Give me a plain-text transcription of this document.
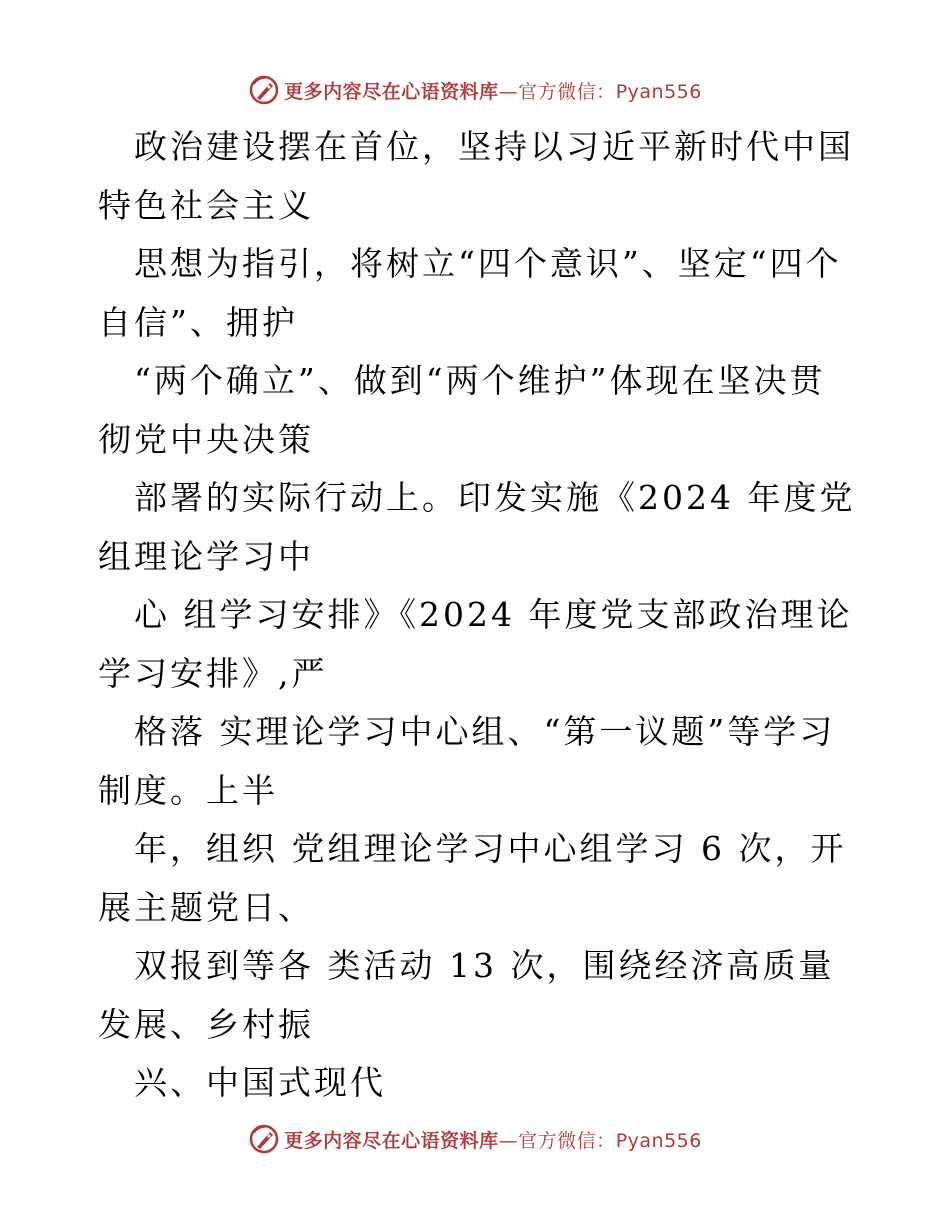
更多内容尽在心语资料库—官方微信：Pyan556

政治建设摆在首位，坚持以习近平新时代中国特色社会主义

思想为指引，将树立“四个意识”、坚定“四个自信”、拥护

“两个确立”、做到“两个维护”体现在坚决贯彻党中央决策

部署的实际行动上。印发实施《2024 年度党组理论学习中

心 组学习安排》《2024 年度党支部政治理论学习安排》,严

格落 实理论学习中心组、“第一议题”等学习制度。上半

年，组织 党组理论学习中心组学习 6 次，开展主题党日、

双报到等各 类活动 13 次，围绕经济高质量发展、乡村振

兴、中国式现代

更多内容尽在心语资料库—官方微信：Pyan556
